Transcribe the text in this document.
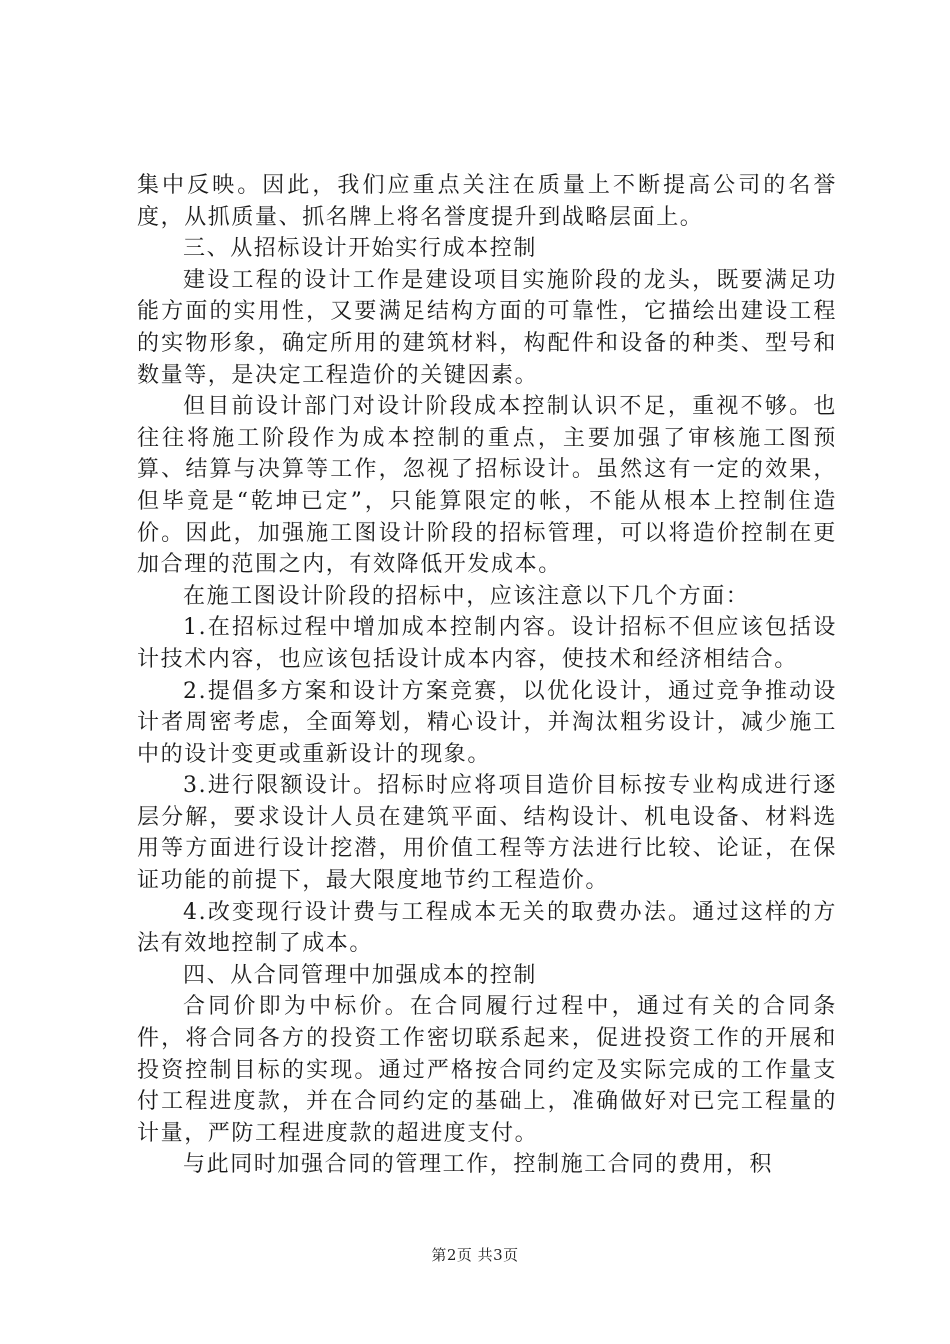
集中反映。因此，我们应重点关注在质量上不断提高公司的名誉度，从抓质量、抓名牌上将名誉度提升到战略层面上。

三、从招标设计开始实行成本控制

建设工程的设计工作是建设项目实施阶段的龙头，既要满足功能方面的实用性，又要满足结构方面的可靠性，它描绘出建设工程的实物形象，确定所用的建筑材料，构配件和设备的种类、型号和数量等，是决定工程造价的关键因素。

但目前设计部门对设计阶段成本控制认识不足，重视不够。也往往将施工阶段作为成本控制的重点，主要加强了审核施工图预算、结算与决算等工作，忽视了招标设计。虽然这有一定的效果，但毕竟是“乾坤已定”，只能算限定的帐，不能从根本上控制住造价。因此，加强施工图设计阶段的招标管理，可以将造价控制在更加合理的范围之内，有效降低开发成本。

在施工图设计阶段的招标中，应该注意以下几个方面：

1.在招标过程中增加成本控制内容。设计招标不但应该包括设计技术内容，也应该包括设计成本内容，使技术和经济相结合。

2.提倡多方案和设计方案竞赛，以优化设计，通过竞争推动设计者周密考虑，全面筹划，精心设计，并淘汰粗劣设计，减少施工中的设计变更或重新设计的现象。

3.进行限额设计。招标时应将项目造价目标按专业构成进行逐层分解，要求设计人员在建筑平面、结构设计、机电设备、材料选用等方面进行设计挖潜，用价值工程等方法进行比较、论证，在保证功能的前提下，最大限度地节约工程造价。

4.改变现行设计费与工程成本无关的取费办法。通过这样的方法有效地控制了成本。

四、从合同管理中加强成本的控制

合同价即为中标价。在合同履行过程中，通过有关的合同条件，将合同各方的投资工作密切联系起来，促进投资工作的开展和投资控制目标的实现。通过严格按合同约定及实际完成的工作量支付工程进度款，并在合同约定的基础上，准确做好对已完工程量的计量，严防工程进度款的超进度支付。

与此同时加强合同的管理工作，控制施工合同的费用，积

第2页 共3页
